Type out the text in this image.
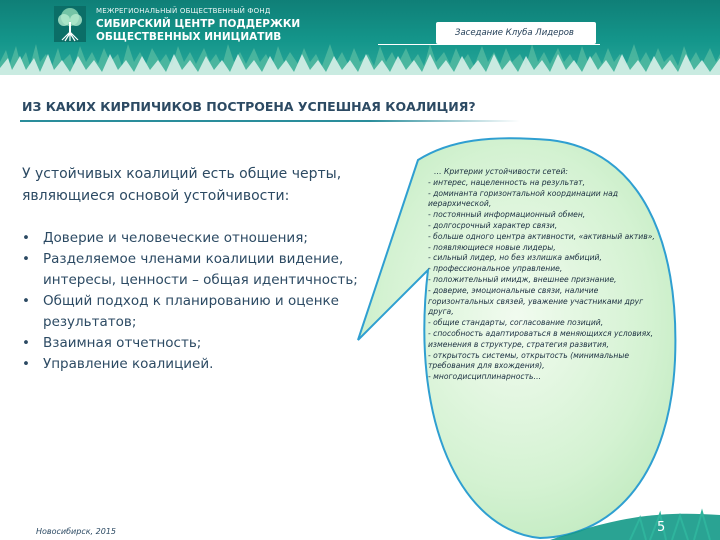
МЕЖРЕГИОНАЛЬНЫЙ ОБЩЕСТВЕННЫЙ ФОНД
СИБИРСКИЙ ЦЕНТР ПОДДЕРЖКИ
ОБЩЕСТВЕННЫХ ИНИЦИАТИВ	Заседание Клуба Лидеров
ИЗ КАКИХ КИРПИЧИКОВ ПОСТРОЕНА УСПЕШНАЯ КОАЛИЦИЯ?
У устойчивых коалиций есть общие черты, являющиеся основой устойчивости:
• Доверие и человеческие отношения;
• Разделяемое членами коалиции видение, интересы, ценности – общая идентичность;
• Общий подход к планированию и оценке результатов;
• Взаимная отчетность;
• Управление коалицией.
… Критерии устойчивости сетей:
- интерес, нацеленность на результат,
- доминанта горизонтальной координации над иерархической,
- постоянный информационный обмен,
- долгосрочный характер связи,
- больше одного центра активности, «активный актив»,
- появляющиеся новые лидеры,
- сильный лидер, но без излишка амбиций,
- профессиональное управление,
- положительный имидж, внешнее признание,
- доверие, эмоциональные связи, наличие горизонтальных связей, уважение участниками друг друга,
- общие стандарты, согласование позиций,
- способность адаптироваться в меняющихся условиях, изменения в структуре, стратегия развития,
- открытость системы, открытость (минимальные требования для вхождения),
- многодисциплинарность…
Новосибирск, 2015	5
